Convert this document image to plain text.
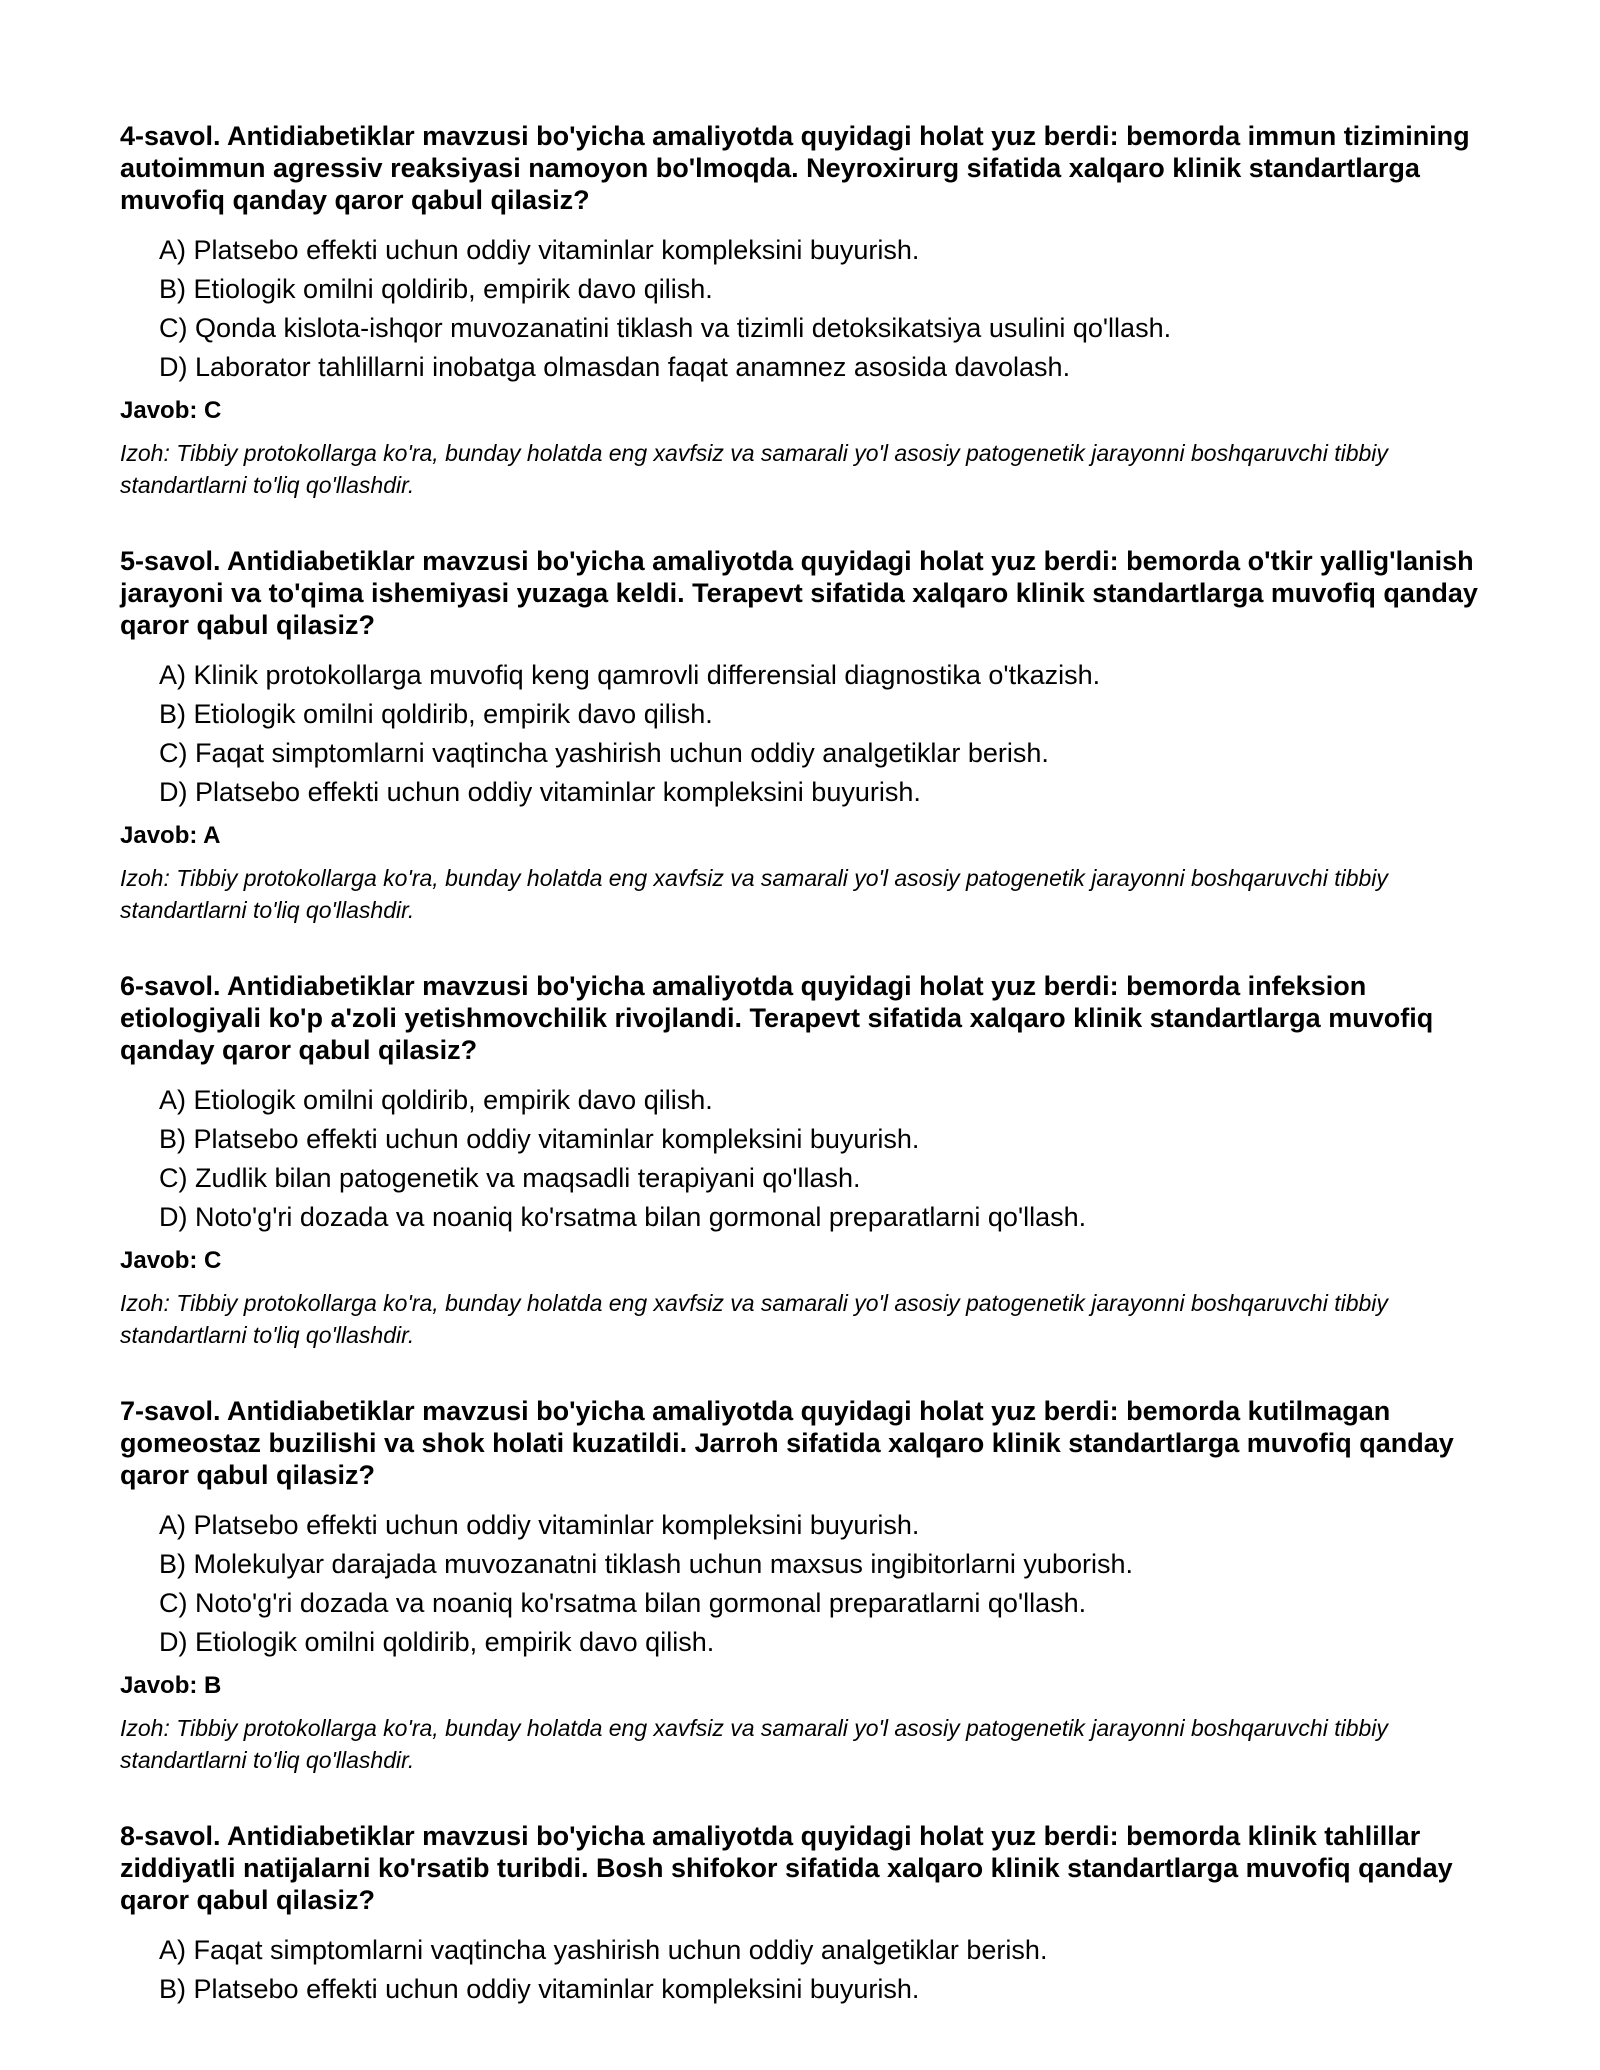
4-savol. Antidiabetiklar mavzusi bo'yicha amaliyotda quyidagi holat yuz berdi: bemorda immun tizimining autoimmun agressiv reaksiyasi namoyon bo'lmoqda. Neyroxirurg sifatida xalqaro klinik standartlarga muvofiq qanday qaror qabul qilasiz?

A) Platsebo effekti uchun oddiy vitaminlar kompleksini buyurish.
B) Etiologik omilni qoldirib, empirik davo qilish.
C) Qonda kislota-ishqor muvozanatini tiklash va tizimli detoksikatsiya usulini qo'llash.
D) Laborator tahlillarni inobatga olmasdan faqat anamnez asosida davolash.

Javob: C

Izoh: Tibbiy protokollarga ko'ra, bunday holatda eng xavfsiz va samarali yo'l asosiy patogenetik jarayonni boshqaruvchi tibbiy standartlarni to'liq qo'llashdir.

5-savol. Antidiabetiklar mavzusi bo'yicha amaliyotda quyidagi holat yuz berdi: bemorda o'tkir yallig'lanish jarayoni va to'qima ishemiyasi yuzaga keldi. Terapevt sifatida xalqaro klinik standartlarga muvofiq qanday qaror qabul qilasiz?

A) Klinik protokollarga muvofiq keng qamrovli differensial diagnostika o'tkazish.
B) Etiologik omilni qoldirib, empirik davo qilish.
C) Faqat simptomlarni vaqtincha yashirish uchun oddiy analgetiklar berish.
D) Platsebo effekti uchun oddiy vitaminlar kompleksini buyurish.

Javob: A

Izoh: Tibbiy protokollarga ko'ra, bunday holatda eng xavfsiz va samarali yo'l asosiy patogenetik jarayonni boshqaruvchi tibbiy standartlarni to'liq qo'llashdir.

6-savol. Antidiabetiklar mavzusi bo'yicha amaliyotda quyidagi holat yuz berdi: bemorda infeksion etiologiyali ko'p a'zoli yetishmovchilik rivojlandi. Terapevt sifatida xalqaro klinik standartlarga muvofiq qanday qaror qabul qilasiz?

A) Etiologik omilni qoldirib, empirik davo qilish.
B) Platsebo effekti uchun oddiy vitaminlar kompleksini buyurish.
C) Zudlik bilan patogenetik va maqsadli terapiyani qo'llash.
D) Noto'g'ri dozada va noaniq ko'rsatma bilan gormonal preparatlarni qo'llash.

Javob: C

Izoh: Tibbiy protokollarga ko'ra, bunday holatda eng xavfsiz va samarali yo'l asosiy patogenetik jarayonni boshqaruvchi tibbiy standartlarni to'liq qo'llashdir.

7-savol. Antidiabetiklar mavzusi bo'yicha amaliyotda quyidagi holat yuz berdi: bemorda kutilmagan gomeostaz buzilishi va shok holati kuzatildi. Jarroh sifatida xalqaro klinik standartlarga muvofiq qanday qaror qabul qilasiz?

A) Platsebo effekti uchun oddiy vitaminlar kompleksini buyurish.
B) Molekulyar darajada muvozanatni tiklash uchun maxsus ingibitorlarni yuborish.
C) Noto'g'ri dozada va noaniq ko'rsatma bilan gormonal preparatlarni qo'llash.
D) Etiologik omilni qoldirib, empirik davo qilish.

Javob: B

Izoh: Tibbiy protokollarga ko'ra, bunday holatda eng xavfsiz va samarali yo'l asosiy patogenetik jarayonni boshqaruvchi tibbiy standartlarni to'liq qo'llashdir.

8-savol. Antidiabetiklar mavzusi bo'yicha amaliyotda quyidagi holat yuz berdi: bemorda klinik tahlillar ziddiyatli natijalarni ko'rsatib turibdi. Bosh shifokor sifatida xalqaro klinik standartlarga muvofiq qanday qaror qabul qilasiz?

A) Faqat simptomlarni vaqtincha yashirish uchun oddiy analgetiklar berish.
B) Platsebo effekti uchun oddiy vitaminlar kompleksini buyurish.
